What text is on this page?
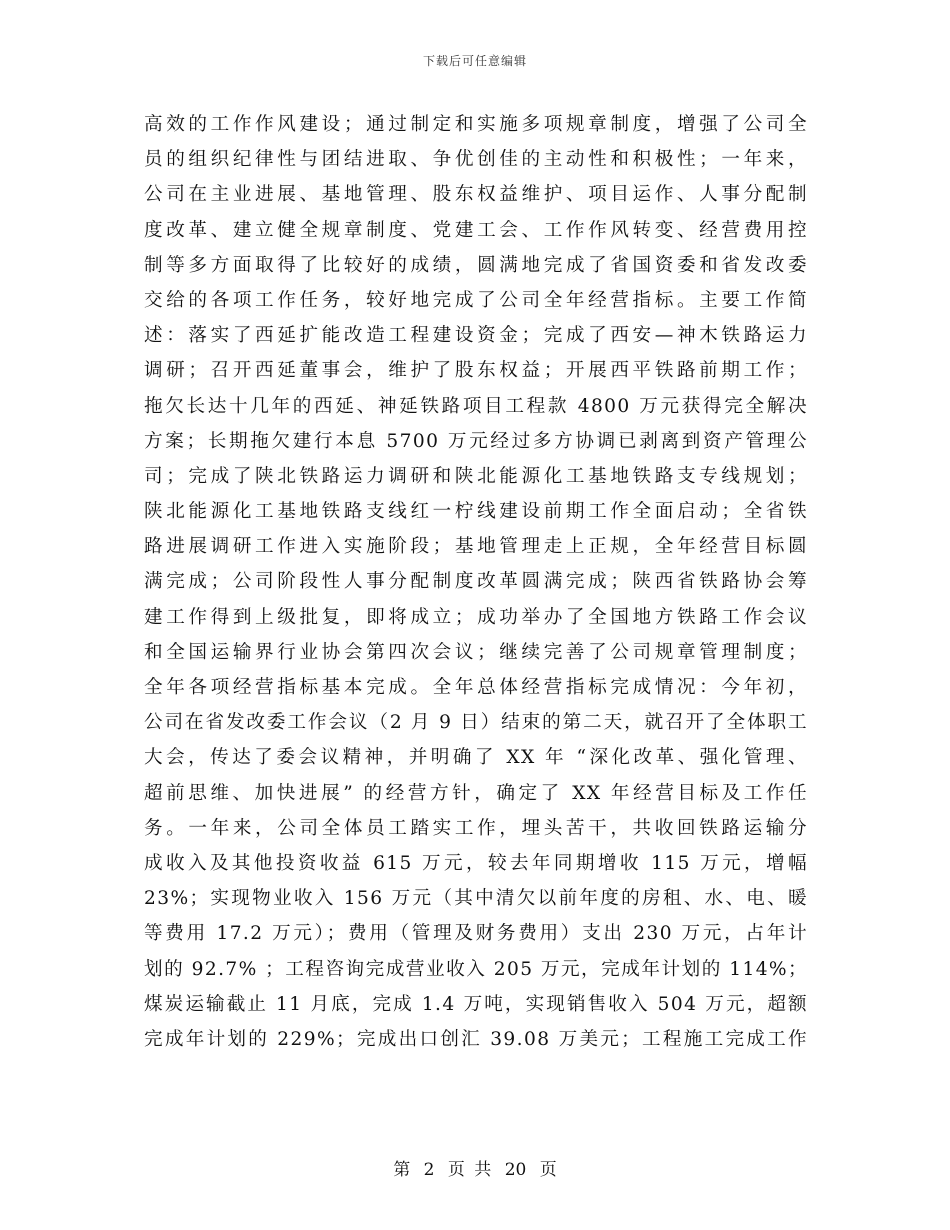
下载后可任意编辑
高效的工作作风建设；通过制定和实施多项规章制度，增强了公司全
员的组织纪律性与团结进取、争优创佳的主动性和积极性；一年来，
公司在主业进展、基地管理、股东权益维护、项目运作、人事分配制
度改革、建立健全规章制度、党建工会、工作作风转变、经营费用控
制等多方面取得了比较好的成绩，圆满地完成了省国资委和省发改委
交给的各项工作任务，较好地完成了公司全年经营指标。主要工作简
述：落实了西延扩能改造工程建设资金；完成了西安—神木铁路运力
调研；召开西延董事会，维护了股东权益；开展西平铁路前期工作；
拖欠长达十几年的西延、神延铁路项目工程款 4800 万元获得完全解决
方案；长期拖欠建行本息 5700 万元经过多方协调已剥离到资产管理公
司；完成了陕北铁路运力调研和陕北能源化工基地铁路支专线规划；
陕北能源化工基地铁路支线红一柠线建设前期工作全面启动；全省铁
路进展调研工作进入实施阶段；基地管理走上正规，全年经营目标圆
满完成；公司阶段性人事分配制度改革圆满完成；陕西省铁路协会筹
建工作得到上级批复，即将成立；成功举办了全国地方铁路工作会议
和全国运输界行业协会第四次会议；继续完善了公司规章管理制度；
全年各项经营指标基本完成。全年总体经营指标完成情况：今年初，
公司在省发改委工作会议（2 月 9 日）结束的第二天，就召开了全体职工
大会，传达了委会议精神，并明确了 XX 年 “深化改革、强化管理、
超前思维、加快进展” 的经营方针，确定了 XX 年经营目标及工作任
务。一年来，公司全体员工踏实工作，埋头苦干，共收回铁路运输分
成收入及其他投资收益 615 万元，较去年同期增收 115 万元，增幅
23%；实现物业收入 156 万元（其中清欠以前年度的房租、水、电、暖
等费用 17.2 万元）；费用（管理及财务费用）支出 230 万元，占年计
划的 92.7% ；工程咨询完成营业收入 205 万元，完成年计划的 114%；
煤炭运输截止 11 月底，完成 1.4 万吨，实现销售收入 504 万元，超额
完成年计划的 229%；完成出口创汇 39.08 万美元；工程施工完成工作
第 2 页 共 20 页
